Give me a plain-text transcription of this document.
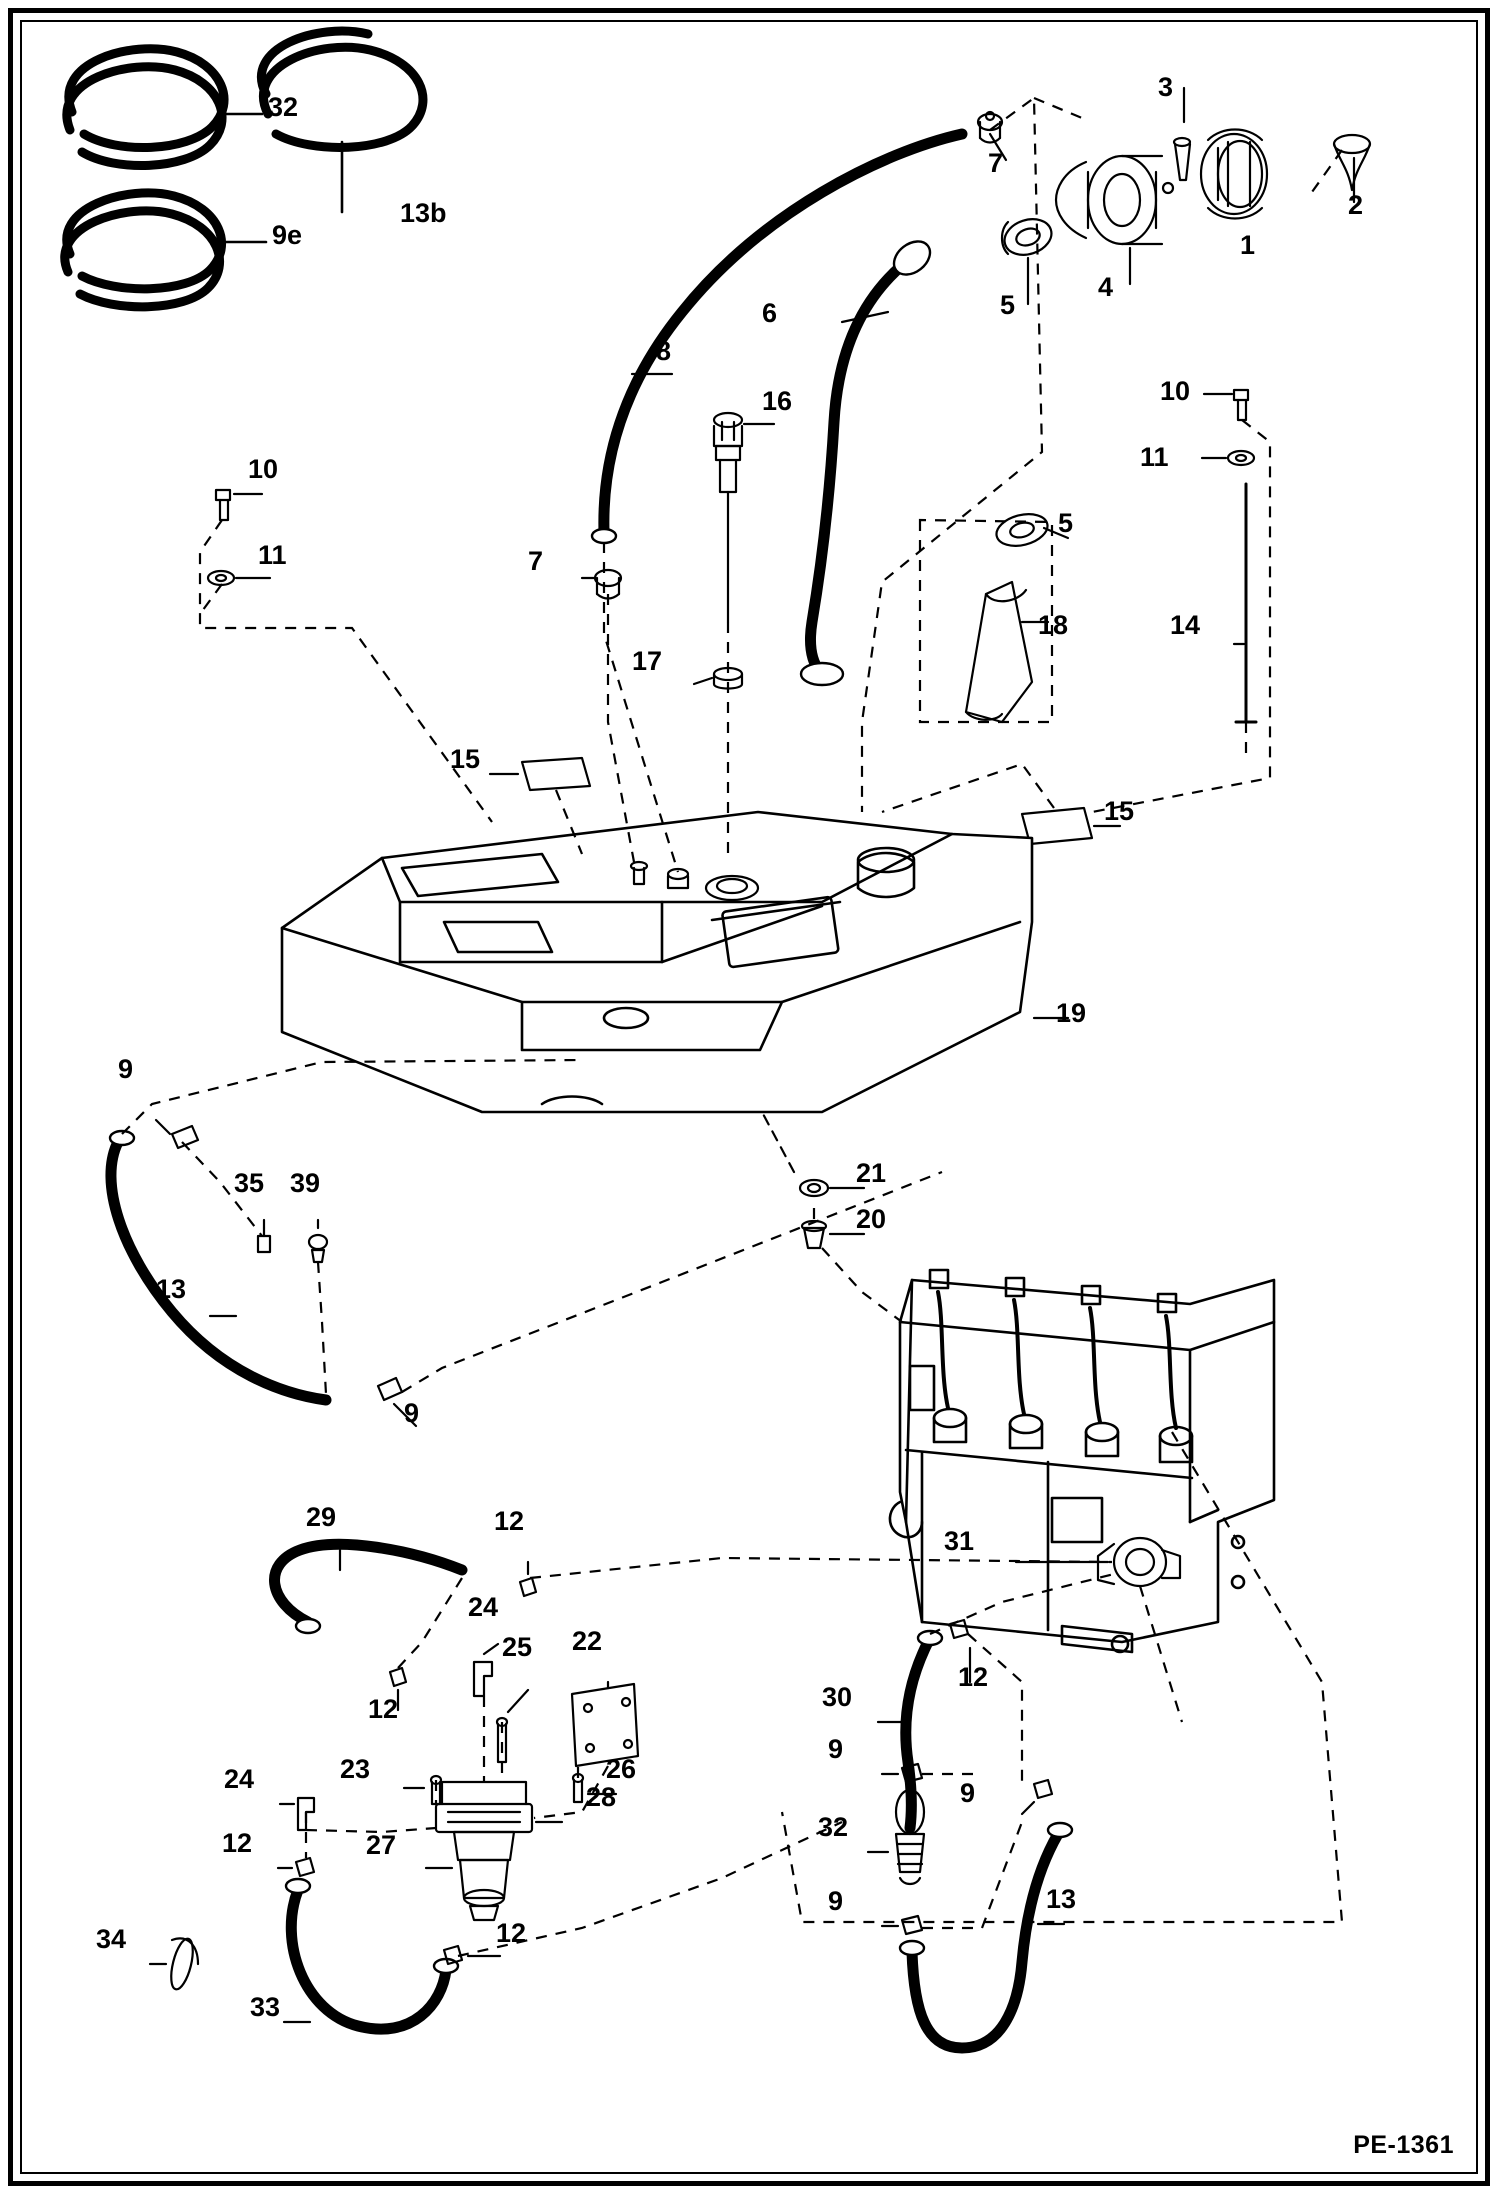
32
9e
13b
1
2
3
4
5
6
7
8
7
10
11
16
17
5
18
10
11
14
15
15
19
9
21
20
35 39
13
9
31
29	12
24
25 22
12
23	26
24
12
28
27
34
33
12
30
12
9
9
32
9	13
PE-1361
